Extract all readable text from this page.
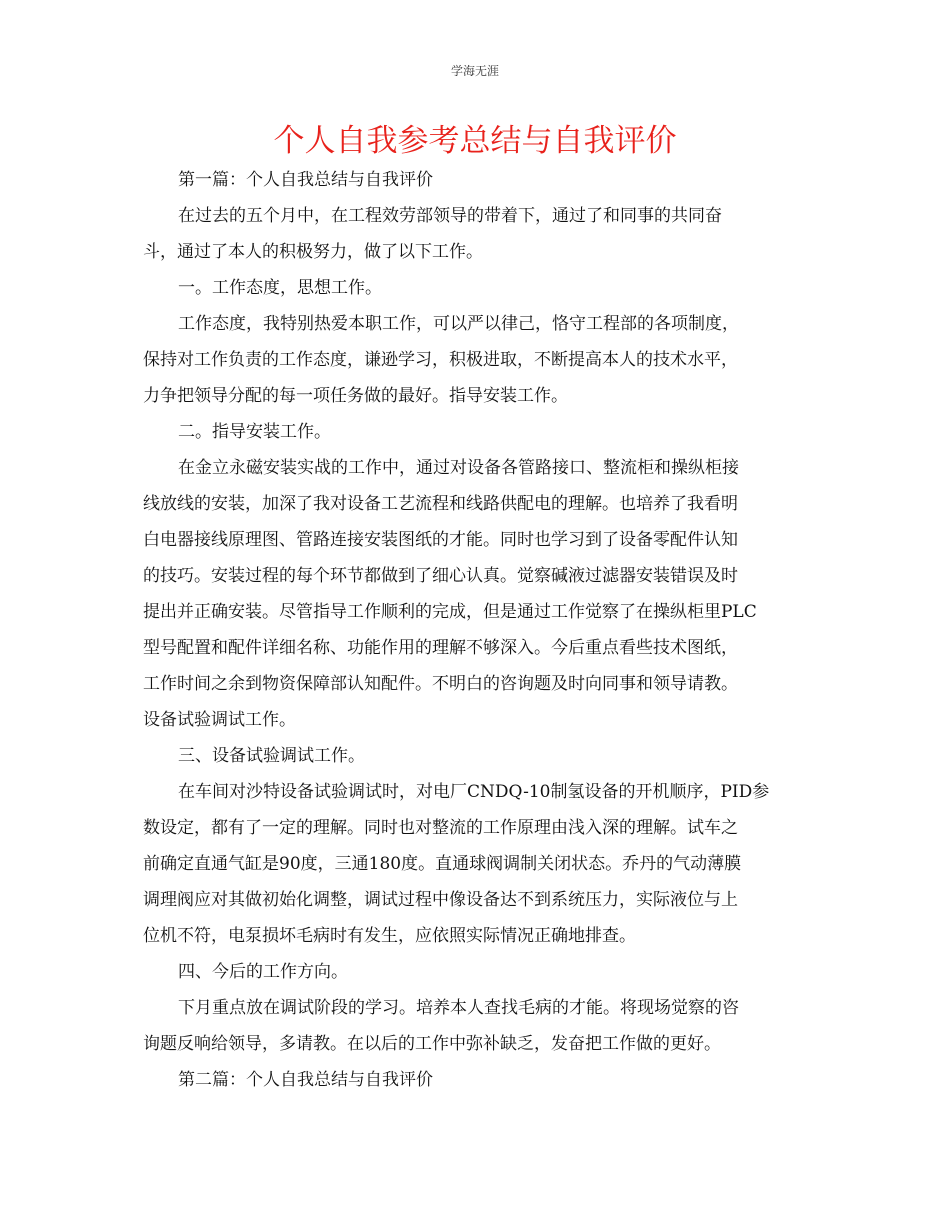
学海无涯
个人自我参考总结与自我评价
第一篇：个人自我总结与自我评价
在过去的五个月中，在工程效劳部领导的带着下，通过了和同事的共同奋
斗，通过了本人的积极努力，做了以下工作。
一。工作态度，思想工作。
工作态度，我特别热爱本职工作，可以严以律己，恪守工程部的各项制度，
保持对工作负责的工作态度，谦逊学习，积极进取，不断提高本人的技术水平，
力争把领导分配的每一项任务做的最好。指导安装工作。
二。指导安装工作。
在金立永磁安装实战的工作中，通过对设备各管路接口、整流柜和操纵柜接
线放线的安装，加深了我对设备工艺流程和线路供配电的理解。也培养了我看明
白电器接线原理图、管路连接安装图纸的才能。同时也学习到了设备零配件认知
的技巧。安装过程的每个环节都做到了细心认真。觉察碱液过滤器安装错误及时
提出并正确安装。尽管指导工作顺利的完成，但是通过工作觉察了在操纵柜里PLC
型号配置和配件详细名称、功能作用的理解不够深入。今后重点看些技术图纸，
工作时间之余到物资保障部认知配件。不明白的咨询题及时向同事和领导请教。
设备试验调试工作。
三、设备试验调试工作。
在车间对沙特设备试验调试时，对电厂CNDQ-10制氢设备的开机顺序，PID参
数设定，都有了一定的理解。同时也对整流的工作原理由浅入深的理解。试车之
前确定直通气缸是90度，三通180度。直通球阀调制关闭状态。乔丹的气动薄膜
调理阀应对其做初始化调整，调试过程中像设备达不到系统压力，实际液位与上
位机不符，电泵损坏毛病时有发生，应依照实际情况正确地排查。
四、今后的工作方向。
下月重点放在调试阶段的学习。培养本人查找毛病的才能。将现场觉察的咨
询题反响给领导，多请教。在以后的工作中弥补缺乏，发奋把工作做的更好。
第二篇：个人自我总结与自我评价
